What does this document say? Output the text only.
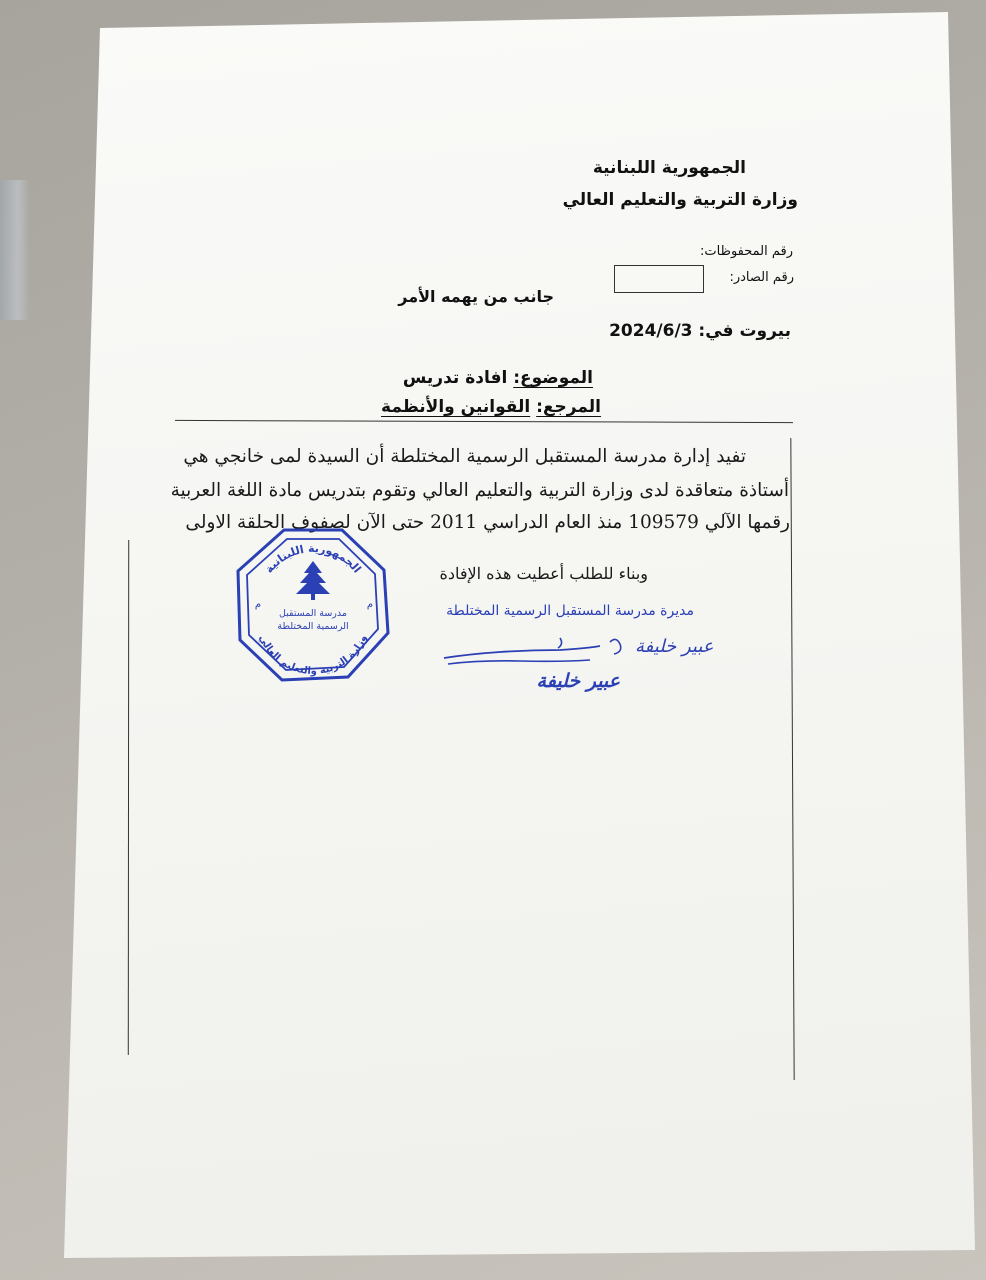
الجمهورية اللبنانية
وزارة التربية والتعليم العالي
رقم المحفوظات:
رقم الصادر:
جانب من يهمه الأمر
بيروت في: 2024/6/3
الموضوع: افادة تدريس
المرجع: القوانين والأنظمة
تفيد إدارة مدرسة المستقبل الرسمية المختلطة أن السيدة لمى خانجي هي
أستاذة متعاقدة لدى وزارة التربية والتعليم العالي وتقوم بتدريس مادة اللغة العربية
رقمها الآلي 109579 منذ العام الدراسي 2011 حتى الآن لصفوف الحلقة الاولى
وبناء للطلب أعطيت هذه الإفادة
مديرة مدرسة المستقبل الرسمية المختلطة
عبير خليفة
عبير خليفة
الجمهورية اللبنانية
وزارة التربية والتعليم العالي
مدرسة المستقبل
الرسمية المختلطة
م	م
